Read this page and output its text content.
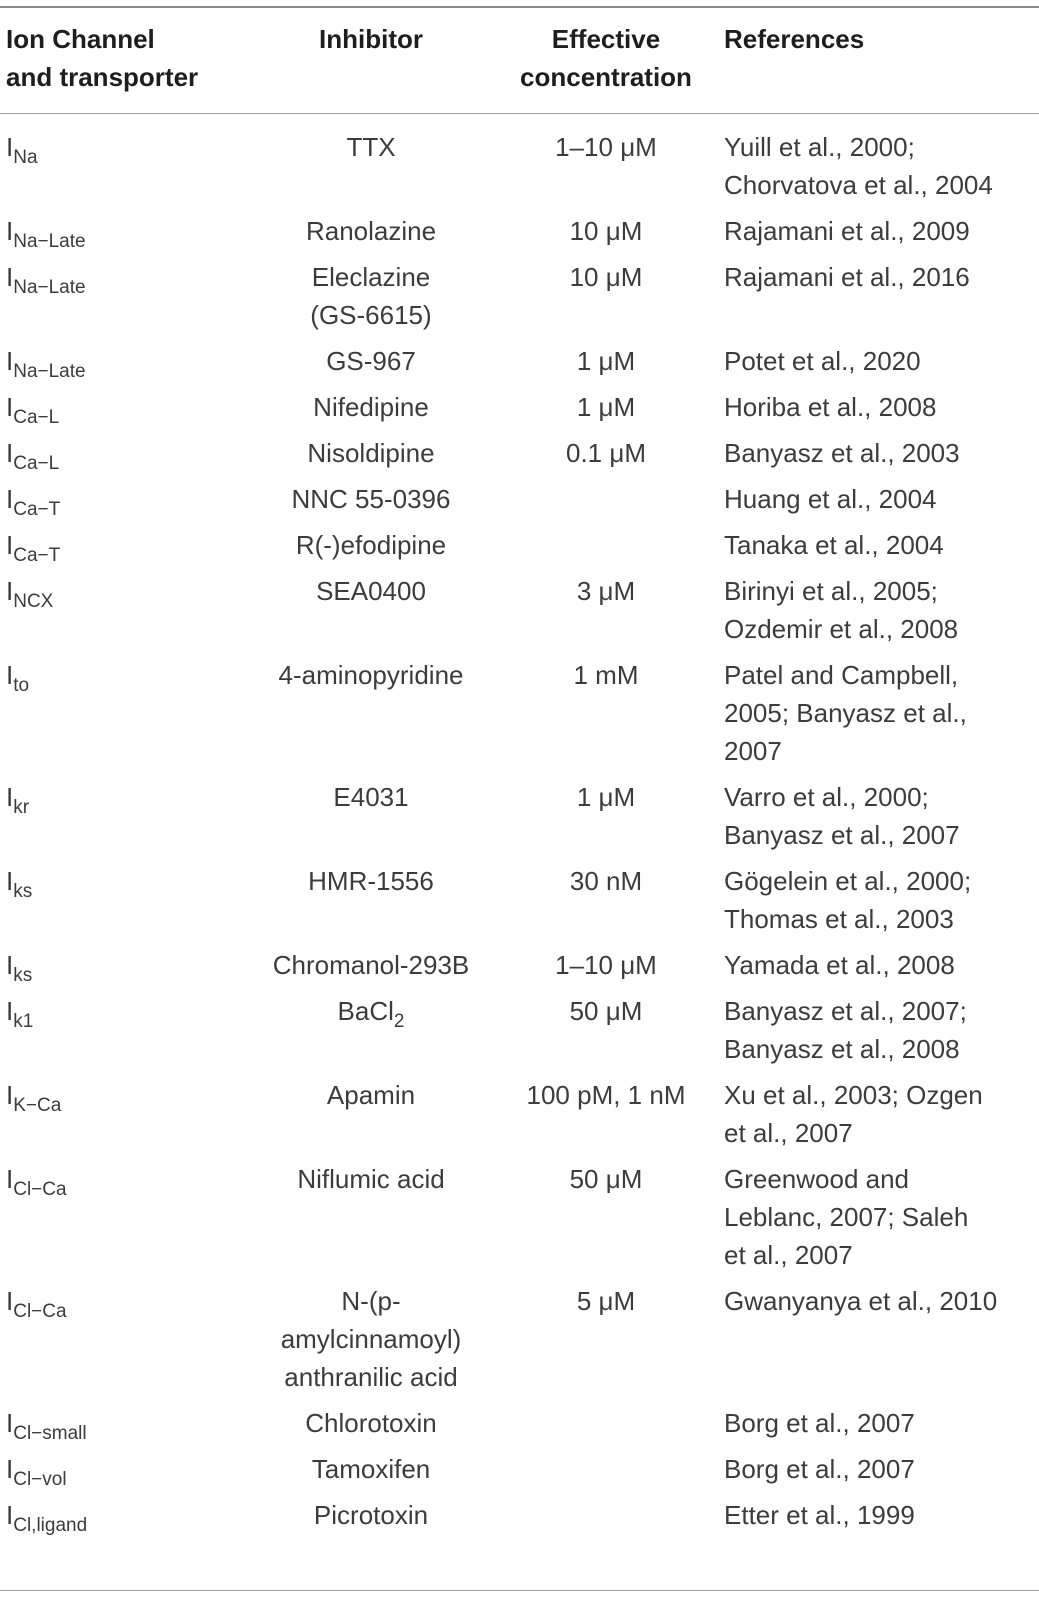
Ion Channel
and transporter	Inhibitor	Effective
concentration	References
$I_{Na}$	TTX	1–10 μM	Yuill et al., 2000;
Chorvatova et al., 2004
$I_{Na-Late}$	Ranolazine	10 μM	Rajamani et al., 2009
$I_{Na-Late}$	Eleclazine
(GS-6615)	10 μM	Rajamani et al., 2016
$I_{Na-Late}$	GS-967	1 μM	Potet et al., 2020
$I_{Ca-L}$	Nifedipine	1 μM	Horiba et al., 2008
$I_{Ca-L}$	Nisoldipine	0.1 μM	Banyasz et al., 2003
$I_{Ca-T}$	NNC 55-0396		Huang et al., 2004
$I_{Ca-T}$	R(-)efodipine		Tanaka et al., 2004
$I_{NCX}$	SEA0400	3 μM	Birinyi et al., 2005;
Ozdemir et al., 2008
$I_{to}$	4-aminopyridine	1 mM	Patel and Campbell,
2005; Banyasz et al.,
2007
$I_{kr}$	E4031	1 μM	Varro et al., 2000;
Banyasz et al., 2007
$I_{ks}$	HMR-1556	30 nM	Gögelein et al., 2000;
Thomas et al., 2003
$I_{ks}$	Chromanol-293B	1–10 μM	Yamada et al., 2008
$I_{k1}$	BaCl$_2$	50 μM	Banyasz et al., 2007;
Banyasz et al., 2008
$I_{K-Ca}$	Apamin	100 pM, 1 nM	Xu et al., 2003; Ozgen
et al., 2007
$I_{Cl-Ca}$	Niflumic acid	50 μM	Greenwood and
Leblanc, 2007; Saleh
et al., 2007
$I_{Cl-Ca}$	N-(p-
amylcinnamoyl)
anthranilic acid	5 μM	Gwanyanya et al., 2010
$I_{Cl-small}$	Chlorotoxin		Borg et al., 2007
$I_{Cl-vol}$	Tamoxifen		Borg et al., 2007
$I_{Cl,ligand}$	Picrotoxin		Etter et al., 1999
